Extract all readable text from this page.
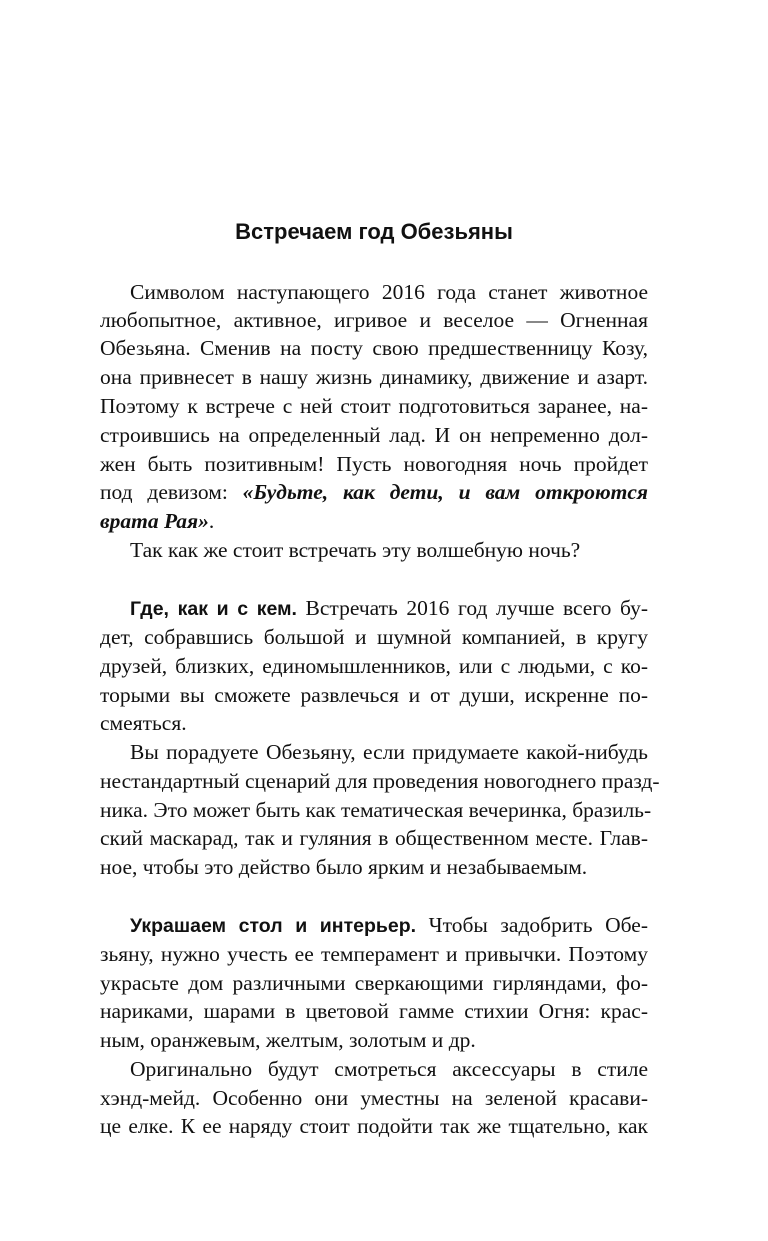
Встречаем год Обезьяны
Символом наступающего 2016 года станет животное
любопытное, активное, игривое и веселое — Огненная
Обезьяна. Сменив на посту свою предшественницу Козу,
она привнесет в нашу жизнь динамику, движение и азарт.
Поэтому к встрече с ней стоит подготовиться заранее, на-
строившись на определенный лад. И он непременно дол-
жен быть позитивным! Пусть новогодняя ночь пройдет
под девизом: «Будьте, как дети, и вам откроются
врата Рая».
Так как же стоит встречать эту волшебную ночь?
Где, как и с кем. Встречать 2016 год лучше всего бу-
дет, собравшись большой и шумной компанией, в кругу
друзей, близких, единомышленников, или с людьми, с ко-
торыми вы сможете развлечься и от души, искренне по-
смеяться.
Вы порадуете Обезьяну, если придумаете какой-нибудь
нестандартный сценарий для проведения новогоднего празд-
ника. Это может быть как тематическая вечеринка, бразиль-
ский маскарад, так и гуляния в общественном месте. Глав-
ное, чтобы это действо было ярким и незабываемым.
Украшаем стол и интерьер. Чтобы задобрить Обе-
зьяну, нужно учесть ее темперамент и привычки. Поэтому
украсьте дом различными сверкающими гирляндами, фо-
нариками, шарами в цветовой гамме стихии Огня: крас-
ным, оранжевым, желтым, золотым и др.
Оригинально будут смотреться аксессуары в стиле
хэнд-мейд. Особенно они уместны на зеленой красави-
це елке. К ее наряду стоит подойти так же тщательно, как
